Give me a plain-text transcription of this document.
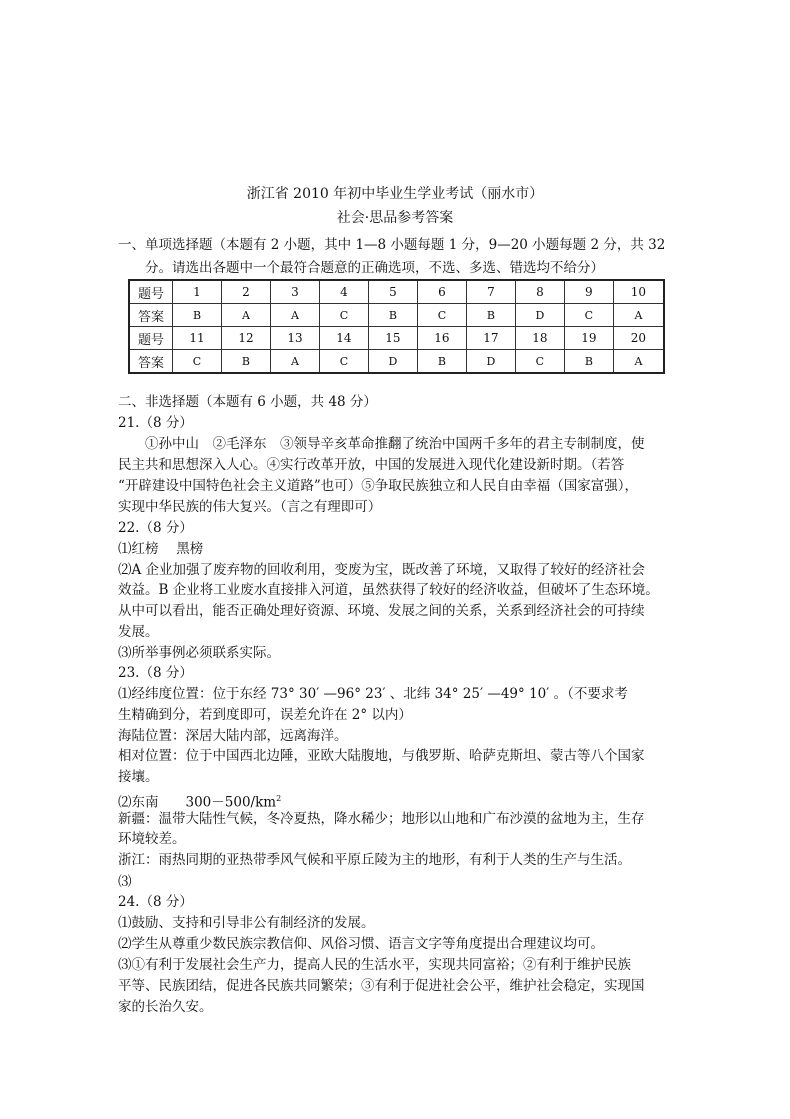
浙江省 2010 年初中毕业生学业考试（丽水市）
社会·思品参考答案
一、单项选择题（本题有 2 小题，其中 1—8 小题每题 1 分，9—20 小题每题 2 分，共 32
分。请选出各题中一个最符合题意的正确选项，不选、多选、错选均不给分）
题号	1	2	3	4	5	6	7	8	9	10
答案	B	A	A	C	B	C	B	D	C	A
题号	11	12	13	14	15	16	17	18	19	20
答案	C	B	A	C	D	B	D	C	B	A
二、非选择题（本题有 6 小题，共 48 分）
21.（8 分）
①孙中山　②毛泽东　③领导辛亥革命推翻了统治中国两千多年的君主专制制度，使
民主共和思想深入人心。④实行改革开放，中国的发展进入现代化建设新时期。（若答
“开辟建设中国特色社会主义道路”也可）⑤争取民族独立和人民自由幸福（国家富强），
实现中华民族的伟大复兴。（言之有理即可）
22.（8 分）
⑴红榜　 黑榜
⑵A 企业加强了废弃物的回收利用，变废为宝，既改善了环境，又取得了较好的经济社会
效益。B 企业将工业废水直接排入河道，虽然获得了较好的经济收益，但破坏了生态环境。
从中可以看出，能否正确处理好资源、环境、发展之间的关系，关系到经济社会的可持续
发展。
⑶所举事例必须联系实际。
23.（8 分）
⑴经纬度位置：位于东经 73° 30′ —96° 23′ 、北纬 34° 25′ —49° 10′ 。（不要求考
生精确到分，若到度即可，误差允许在 2° 以内）
海陆位置：深居大陆内部，远离海洋。
相对位置：位于中国西北边陲，亚欧大陆腹地，与俄罗斯、哈萨克斯坦、蒙古等八个国家
接壤。
⑵东南　　$300-500/km^2$
新疆：温带大陆性气候，冬冷夏热，降水稀少；地形以山地和广布沙漠的盆地为主，生存
环境较差。
浙江：雨热同期的亚热带季风气候和平原丘陵为主的地形，有利于人类的生产与生活。
⑶
24.（8 分）
⑴鼓励、支持和引导非公有制经济的发展。
⑵学生从尊重少数民族宗教信仰、风俗习惯、语言文字等角度提出合理建议均可。
⑶①有利于发展社会生产力，提高人民的生活水平，实现共同富裕；②有利于维护民族
平等、民族团结，促进各民族共同繁荣；③有利于促进社会公平，维护社会稳定，实现国
家的长治久安。
